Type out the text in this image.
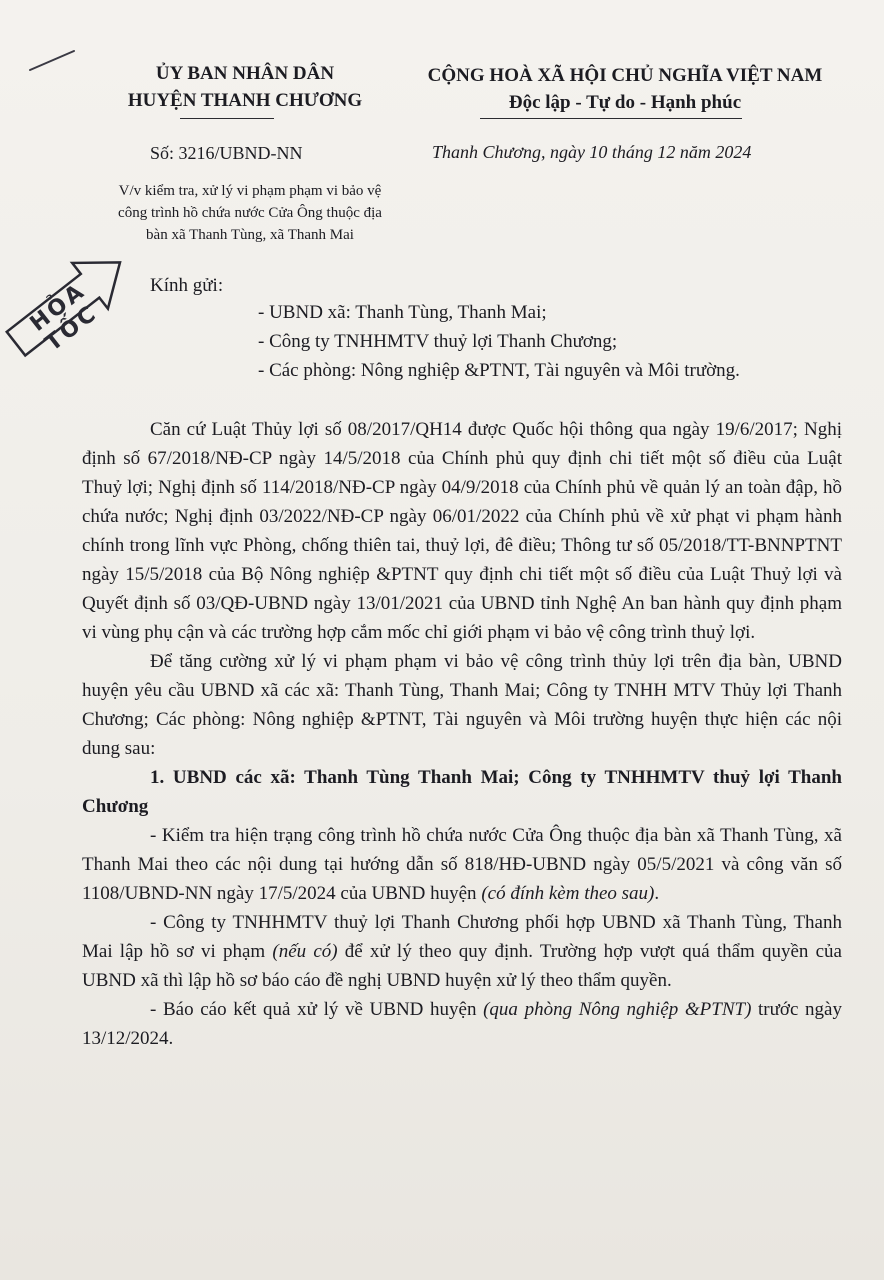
ỦY BAN NHÂN DÂN
HUYỆN THANH CHƯƠNG
CỘNG HOÀ XÃ HỘI CHỦ NGHĨA VIỆT NAM
Độc lập - Tự do - Hạnh phúc
Số: 3216/UBND-NN	Thanh Chương, ngày 10 tháng 12 năm 2024
V/v kiểm tra, xử lý vi phạm phạm vi bảo vệ
công trình hồ chứa nước Cửa Ông thuộc địa
bàn xã Thanh Tùng, xã Thanh Mai
HỎA TỐC
Kính gửi:
- UBND xã: Thanh Tùng, Thanh Mai;
- Công ty TNHHMTV thuỷ lợi Thanh Chương;
- Các phòng: Nông nghiệp &PTNT, Tài nguyên và Môi trường.

Căn cứ Luật Thủy lợi số 08/2017/QH14 được Quốc hội thông qua ngày 19/6/2017; Nghị định số 67/2018/NĐ-CP ngày 14/5/2018 của Chính phủ quy định chi tiết một số điều của Luật Thuỷ lợi; Nghị định số 114/2018/NĐ-CP ngày 04/9/2018 của Chính phủ về quản lý an toàn đập, hồ chứa nước; Nghị định 03/2022/NĐ-CP ngày 06/01/2022 của Chính phủ về xử phạt vi phạm hành chính trong lĩnh vực Phòng, chống thiên tai, thuỷ lợi, đê điều; Thông tư số 05/2018/TT-BNNPTNT ngày 15/5/2018 của Bộ Nông nghiệp &PTNT quy định chi tiết một số điều của Luật Thuỷ lợi và Quyết định số 03/QĐ-UBND ngày 13/01/2021 của UBND tỉnh Nghệ An ban hành quy định phạm vi vùng phụ cận và các trường hợp cắm mốc chỉ giới phạm vi bảo vệ công trình thuỷ lợi.

Để tăng cường xử lý vi phạm phạm vi bảo vệ công trình thủy lợi trên địa bàn, UBND huyện yêu cầu UBND xã các xã: Thanh Tùng, Thanh Mai; Công ty TNHH MTV Thủy lợi Thanh Chương; Các phòng: Nông nghiệp &PTNT, Tài nguyên và Môi trường huyện thực hiện các nội dung sau:

1. UBND các xã: Thanh Tùng Thanh Mai; Công ty TNHHMTV thuỷ lợi Thanh Chương

- Kiểm tra hiện trạng công trình hồ chứa nước Cửa Ông thuộc địa bàn xã Thanh Tùng, xã Thanh Mai theo các nội dung tại hướng dẫn số 818/HĐ-UBND ngày 05/5/2021 và công văn số 1108/UBND-NN ngày 17/5/2024 của UBND huyện (có đính kèm theo sau).

- Công ty TNHHMTV thuỷ lợi Thanh Chương phối hợp UBND xã Thanh Tùng, Thanh Mai lập hồ sơ vi phạm (nếu có) để xử lý theo quy định. Trường hợp vượt quá thẩm quyền của UBND xã thì lập hồ sơ báo cáo đề nghị UBND huyện xử lý theo thẩm quyền.

- Báo cáo kết quả xử lý về UBND huyện (qua phòng Nông nghiệp &PTNT) trước ngày 13/12/2024.
